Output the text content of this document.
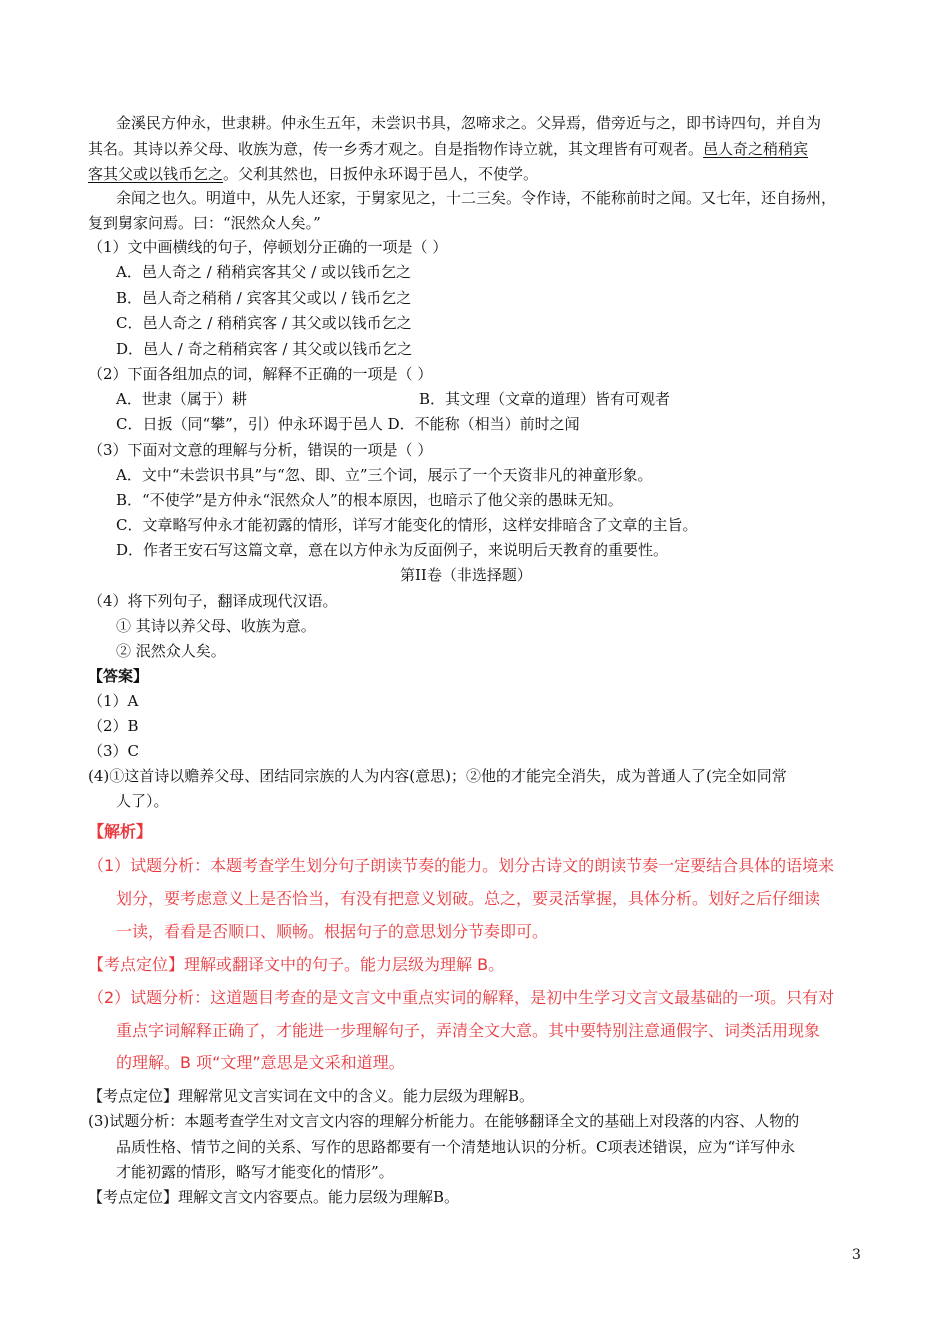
金溪民方仲永，世隶耕。仲永生五年，未尝识书具，忽啼求之。父异焉，借旁近与之，即书诗四句，并自为
其名。其诗以养父母、收族为意，传一乡秀才观之。自是指物作诗立就，其文理皆有可观者。邑人奇之稍稍宾
客其父或以钱币乞之。父利其然也，日扳仲永环谒于邑人，不使学。
余闻之也久。明道中，从先人还家，于舅家见之，十二三矣。令作诗，不能称前时之闻。又七年，还自扬州，
复到舅家问焉。曰：“泯然众人矣。”
（1）文中画横线的句子，停顿划分正确的一项是（ ）
A．邑人奇之 / 稍稍宾客其父 / 或以钱币乞之
B．邑人奇之稍稍 / 宾客其父或以 / 钱币乞之
C．邑人奇之 / 稍稍宾客 / 其父或以钱币乞之
D．邑人 / 奇之稍稍宾客 / 其父或以钱币乞之
（2）下面各组加点的词，解释不正确的一项是（ ）
A．世隶（属于）耕	B．其文理（文章的道理）皆有可观者
C．日扳（同“攀”，引）仲永环谒于邑人 D．不能称（相当）前时之闻
（3）下面对文意的理解与分析，错误的一项是（ ）
A．文中“未尝识书具”与“忽、即、立”三个词，展示了一个天资非凡的神童形象。
B．“不使学”是方仲永“泯然众人”的根本原因，也暗示了他父亲的愚昧无知。
C．文章略写仲永才能初露的情形，详写才能变化的情形，这样安排暗含了文章的主旨。
D．作者王安石写这篇文章，意在以方仲永为反面例子，来说明后天教育的重要性。
第II卷（非选择题）
（4）将下列句子，翻译成现代汉语。
① 其诗以养父母、收族为意。
② 泯然众人矣。
【答案】
（1）A
（2）B
（3）C
(4)①这首诗以赡养父母、团结同宗族的人为内容(意思)；②他的才能完全消失，成为普通人了(完全如同常
人了）。
【解析】
（1）试题分析：本题考查学生划分句子朗读节奏的能力。划分古诗文的朗读节奏一定要结合具体的语境来
划分，要考虑意义上是否恰当，有没有把意义划破。总之，要灵活掌握，具体分析。划好之后仔细读
一读，看看是否顺口、顺畅。根据句子的意思划分节奏即可。
【考点定位】理解或翻译文中的句子。能力层级为理解 B。
（2）试题分析：这道题目考查的是文言文中重点实词的解释，是初中生学习文言文最基础的一项。只有对
重点字词解释正确了，才能进一步理解句子，弄清全文大意。其中要特别注意通假字、词类活用现象
的理解。B 项“文理”意思是文采和道理。
【考点定位】理解常见文言实词在文中的含义。能力层级为理解B。
(3)试题分析：本题考查学生对文言文内容的理解分析能力。在能够翻译全文的基础上对段落的内容、人物的
品质性格、情节之间的关系、写作的思路都要有一个清楚地认识的分析。C项表述错误，应为“详写仲永
才能初露的情形，略写才能变化的情形”。
【考点定位】理解文言文内容要点。能力层级为理解B。
3
